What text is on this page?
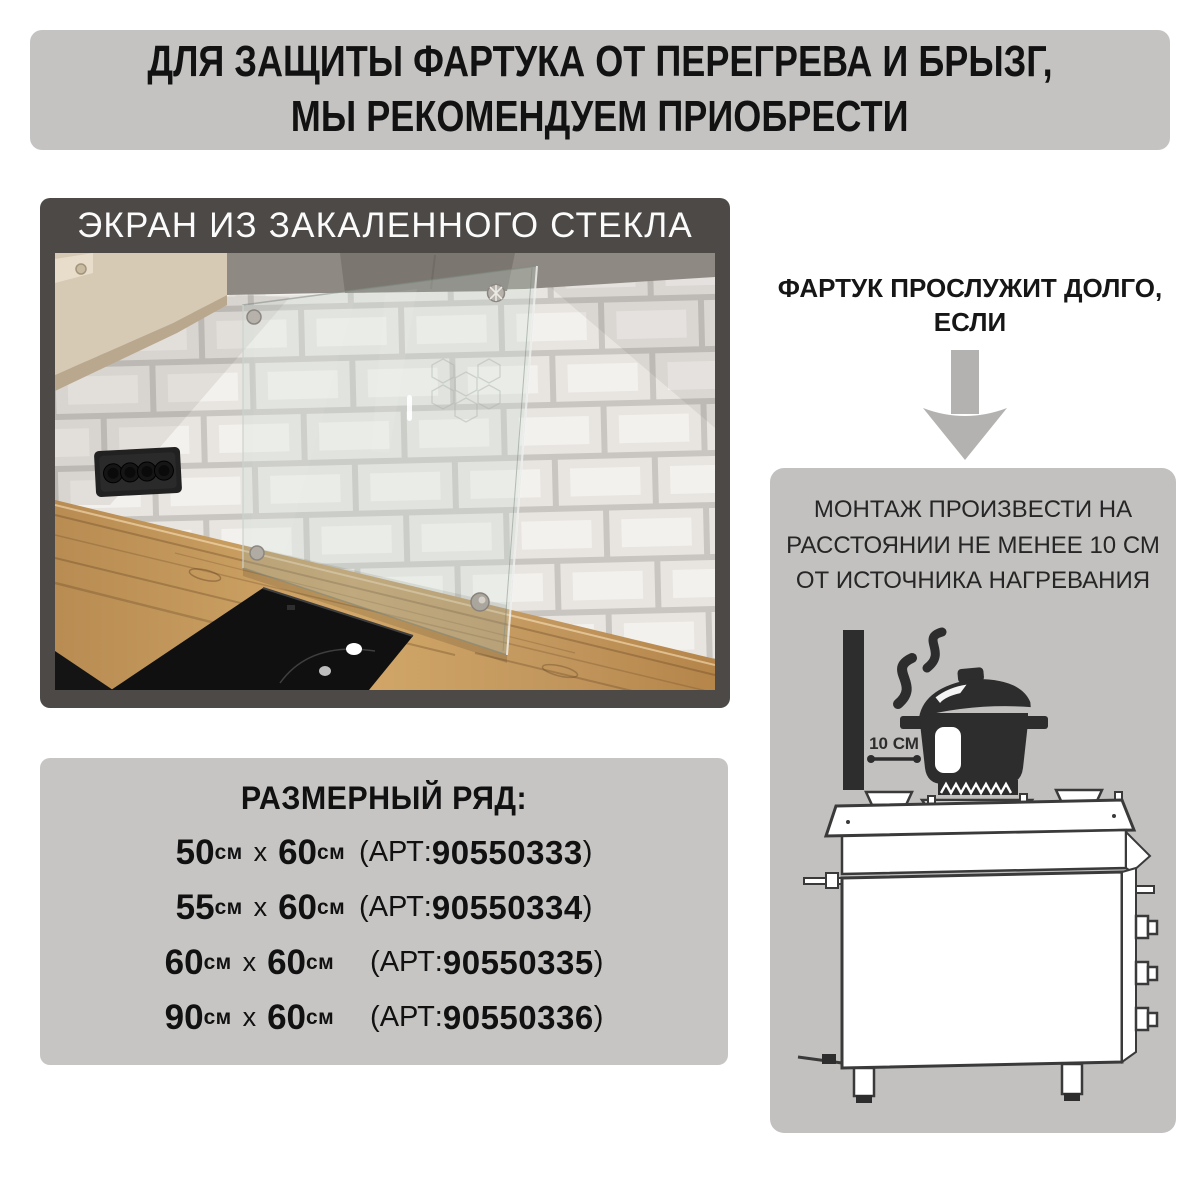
ДЛЯ ЗАЩИТЫ ФАРТУКА ОТ ПЕРЕГРЕВА И БРЫЗГ,
МЫ РЕКОМЕНДУЕМ ПРИОБРЕСТИ
ЭКРАН ИЗ ЗАКАЛЕННОГО СТЕКЛА
ФАРТУК ПРОСЛУЖИТ ДОЛГО,
ЕСЛИ

МОНТАЖ ПРОИЗВЕСТИ НА
РАССТОЯНИИ НЕ МЕНЕЕ 10 СМ
ОТ ИСТОЧНИКА НАГРЕВАНИЯ

10 СМ
РАЗМЕРНЫЙ РЯД:
50 см x 60 см (АРТ: 90550333 )
55 см x 60 см (АРТ: 90550334 )
60 см x 60 см (АРТ: 90550335 )
90 см x 60 см (АРТ: 90550336 )
